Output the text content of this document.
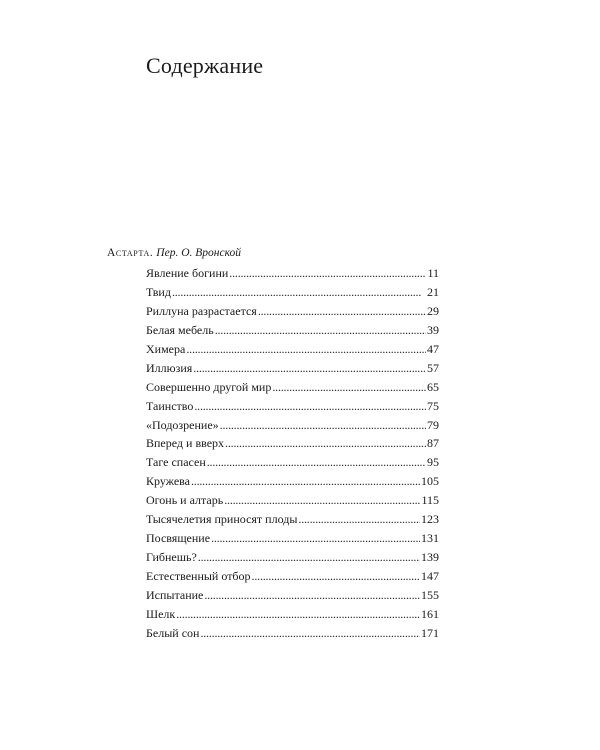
Содержание
Астарта. Пер. О. Вронской
Явление богини . . .	11
Твид . . .	21
Риллуна разрастается . . .	29
Белая мебель . . .	39
Химера . . .	47
Иллюзия . . .	57
Совершенно другой мир . . .	65
Таинство . . .	75
«Подозрение» . . .	79
Вперед и вверх . . .	87
Таге спасен . . .	95
Кружева . . .	105
Огонь и алтарь . . .	115
Тысячелетия приносят плоды . . .	123
Посвящение . . .	131
Гибнешь? . . .	139
Естественный отбор . . .	147
Испытание . . .	155
Шелк . . .	161
Белый сон . . .	171
